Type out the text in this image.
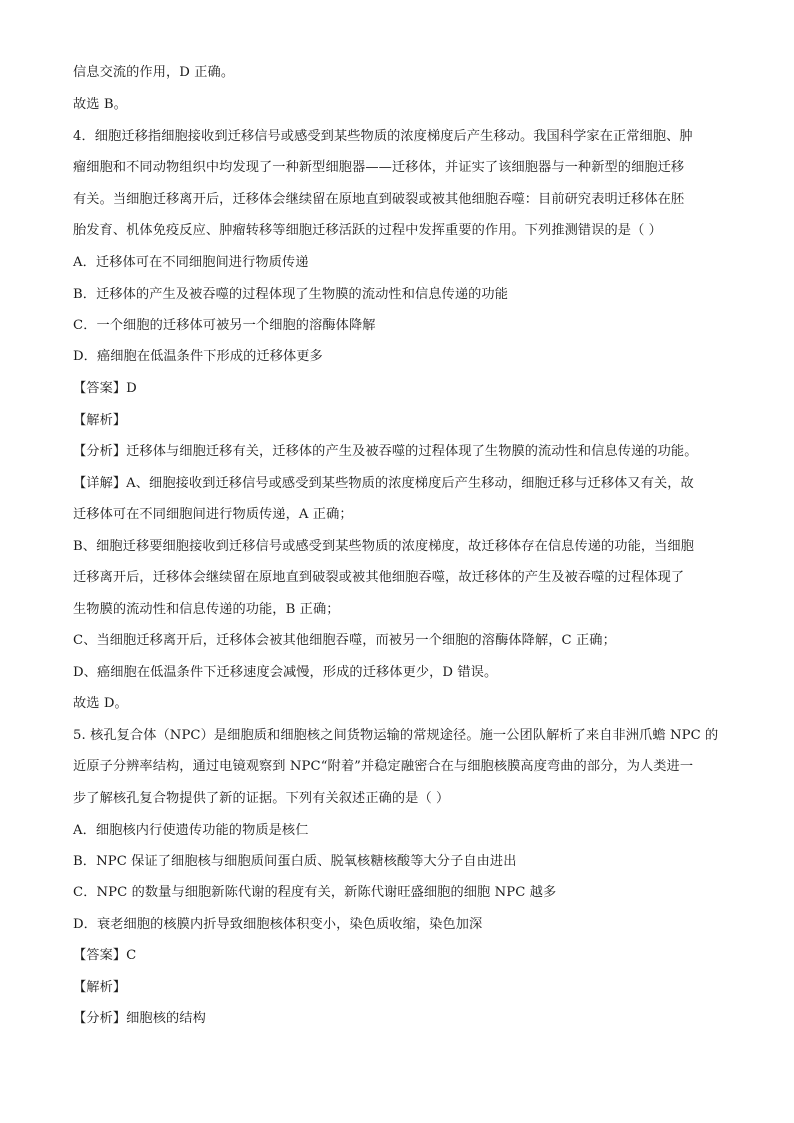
信息交流的作用，D 正确。
故选 B。
4．细胞迁移指细胞接收到迁移信号或感受到某些物质的浓度梯度后产生移动。我国科学家在正常细胞、肿
瘤细胞和不同动物组织中均发现了一种新型细胞器——迁移体，并证实了该细胞器与一种新型的细胞迁移
有关。当细胞迁移离开后，迁移体会继续留在原地直到破裂或被其他细胞吞噬：目前研究表明迁移体在胚
胎发育、机体免疫反应、肿瘤转移等细胞迁移活跃的过程中发挥重要的作用。下列推测错误的是（ ）
A．迁移体可在不同细胞间进行物质传递
B．迁移体的产生及被吞噬的过程体现了生物膜的流动性和信息传递的功能
C．一个细胞的迁移体可被另一个细胞的溶酶体降解
D．癌细胞在低温条件下形成的迁移体更多
【答案】D
【解析】
【分析】迁移体与细胞迁移有关，迁移体的产生及被吞噬的过程体现了生物膜的流动性和信息传递的功能。
【详解】A、细胞接收到迁移信号或感受到某些物质的浓度梯度后产生移动，细胞迁移与迁移体又有关，故
迁移体可在不同细胞间进行物质传递，A 正确；
B、细胞迁移要细胞接收到迁移信号或感受到某些物质的浓度梯度，故迁移体存在信息传递的功能，当细胞
迁移离开后，迁移体会继续留在原地直到破裂或被其他细胞吞噬，故迁移体的产生及被吞噬的过程体现了
生物膜的流动性和信息传递的功能，B 正确；
C、当细胞迁移离开后，迁移体会被其他细胞吞噬，而被另一个细胞的溶酶体降解，C 正确；
D、癌细胞在低温条件下迁移速度会减慢，形成的迁移体更少，D 错误。
故选 D。
5. 核孔复合体（NPC）是细胞质和细胞核之间货物运输的常规途径。施一公团队解析了来自非洲爪蟾 NPC 的
近原子分辨率结构，通过电镜观察到 NPC“附着”并稳定融密合在与细胞核膜高度弯曲的部分，为人类进一
步了解核孔复合物提供了新的证据。下列有关叙述正确的是（ ）
A．细胞核内行使遗传功能的物质是核仁
B．NPC 保证了细胞核与细胞质间蛋白质、脱氧核糖核酸等大分子自由进出
C．NPC 的数量与细胞新陈代谢的程度有关，新陈代谢旺盛细胞的细胞 NPC 越多
D．衰老细胞的核膜内折导致细胞核体积变小，染色质收缩，染色加深
【答案】C
【解析】
【分析】细胞核的结构
